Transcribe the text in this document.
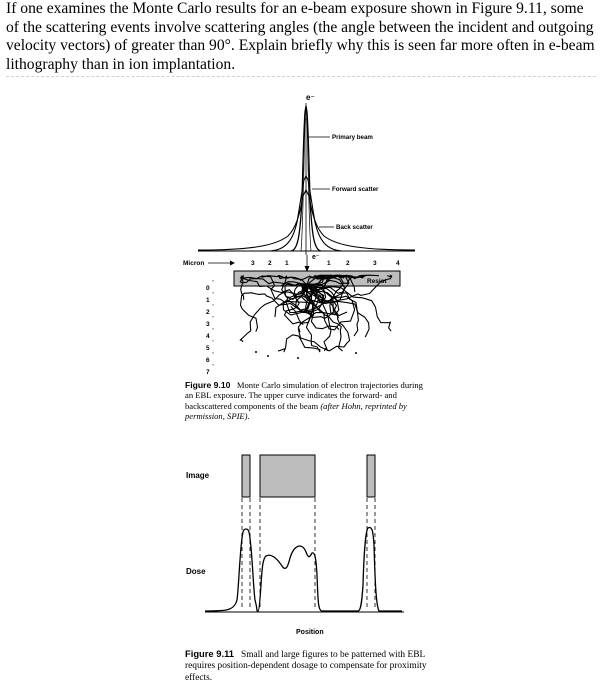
If one examines the Monte Carlo results for an e-beam exposure shown in Figure 9.11, some of the scattering events involve scattering angles (the angle between the incident and outgoing velocity vectors) of greater than 90°. Explain briefly why this is seen far more often in e-beam lithography than in ion implantation.
e⁻
Primary beam
Forward scatter
Back scatter
Micron	3 2 1	1 2	3	4
e⁻
Resist
0
1
2
3
4
5
6
7
Image
Dose
Position
Figure 9.10 Monte Carlo simulation of electron trajectories during an EBL exposure. The upper curve indicates the forward- and backscattered components of the beam (after Hohn, reprinted by permission, SPIE).
Figure 9.11 Small and large figures to be patterned with EBL requires position-dependent dosage to compensate for proximity effects.
